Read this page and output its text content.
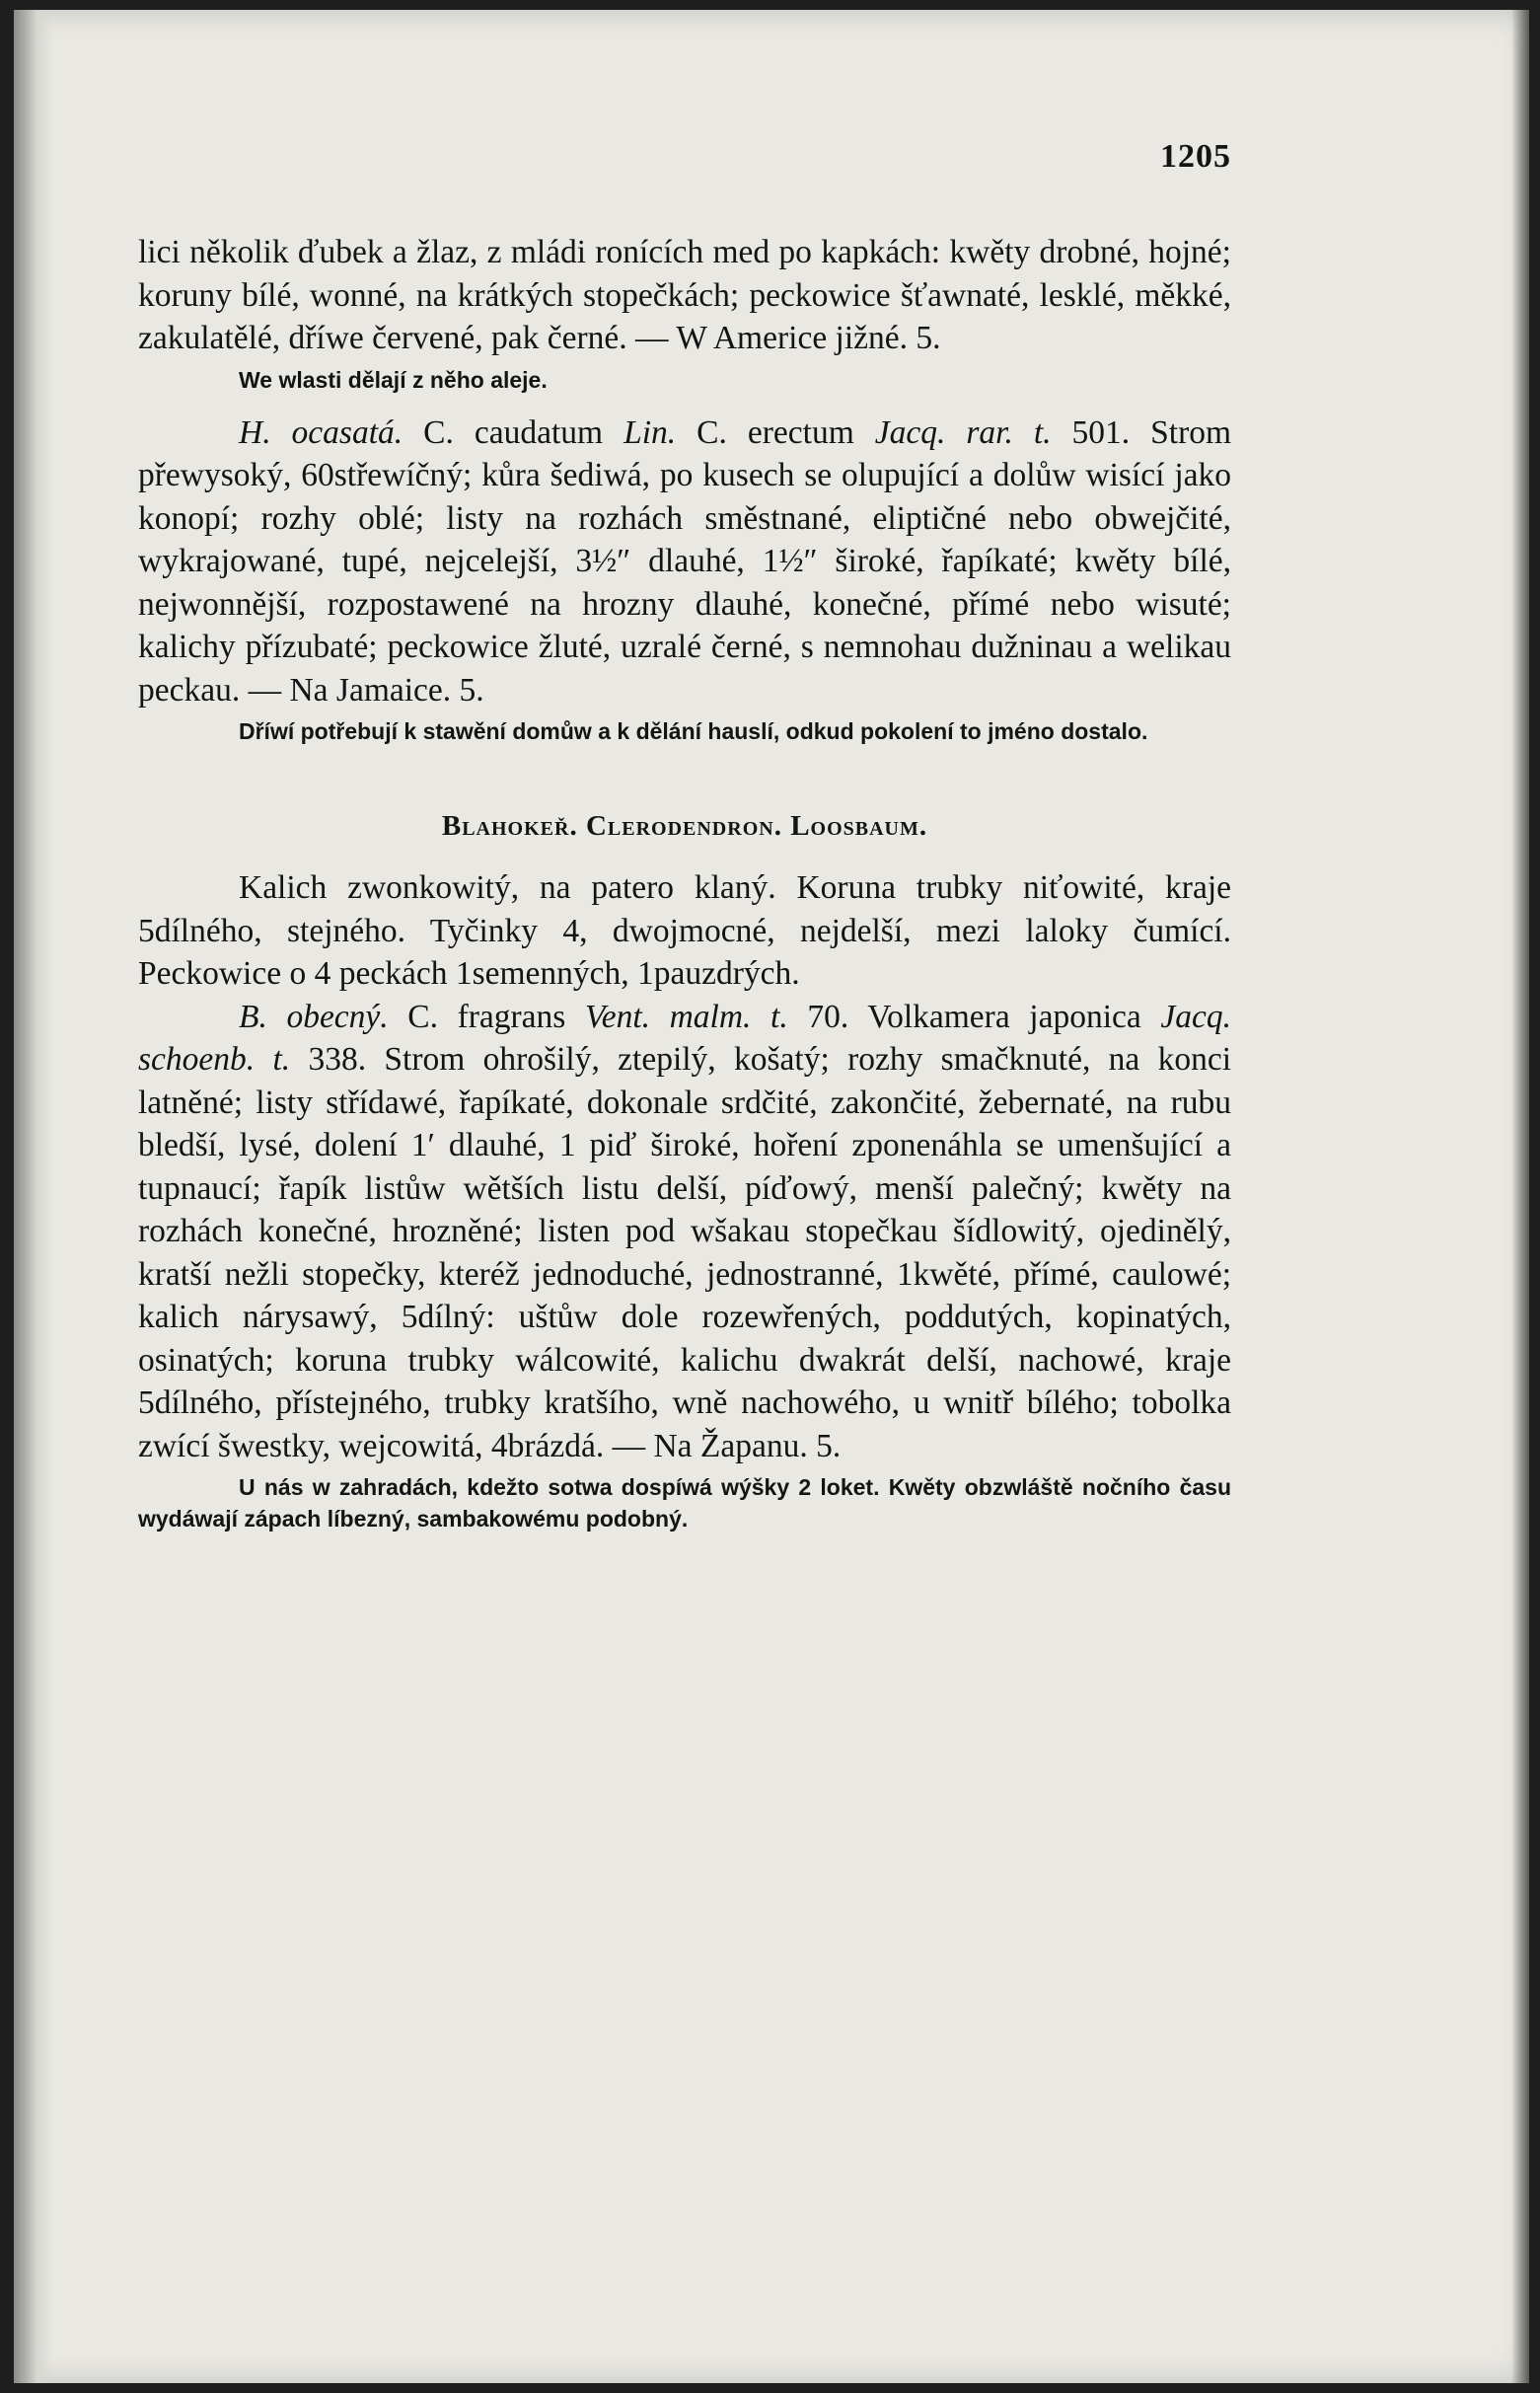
1205

lici několik ďubek a žlaz, z mládi ronících med po kapkách: kwěty drobné, hojné; koruny bílé, wonné, na krátkých stopečkách; peckowice šťawnaté, lesklé, měkké, zakulatělé, dříwe červené, pak černé. — W Americe jižné. 5.

We wlasti dělají z něho aleje.

H. ocasatá. C. caudatum Lin. C. erectum Jacq. rar. t. 501. Strom přewysoký, 60střewíčný; kůra šediwá, po kusech se olupující a dolůw wisící jako konopí; rozhy oblé; listy na rozhách směstnané, eliptičné nebo obwejčité, wykrajowané, tupé, nejcelejší, 3½″ dlauhé, 1½″ široké, řapíkaté; kwěty bílé, nejwonnější, rozpostawené na hrozny dlauhé, konečné, přímé nebo wisuté; kalichy přízubaté; peckowice žluté, uzralé černé, s nemnohau dužninau a welikau peckau. — Na Jamaice. 5.

Dříwí potřebují k stawění domůw a k dělání hauslí, odkud pokolení to jméno dostalo.

Blahokeř. Clerodendron. Loosbaum.

Kalich zwonkowitý, na patero klaný. Koruna trubky niťowité, kraje 5dílného, stejného. Tyčinky 4, dwojmocné, nejdelší, mezi laloky čumící. Peckowice o 4 peckách 1semenných, 1pauzdrých.

B. obecný. C. fragrans Vent. malm. t. 70. Volkamera japonica Jacq. schoenb. t. 338. Strom ohrošilý, ztepilý, košatý; rozhy smačknuté, na konci latněné; listy střídawé, řapíkaté, dokonale srdčité, zakončité, žebernaté, na rubu bledší, lysé, dolení 1′ dlauhé, 1 piď široké, hoření zponenáhla se umenšující a tupnaucí; řapík listůw wětších listu delší, píďowý, menší palečný; kwěty na rozhách konečné, hrozněné; listen pod wšakau stopečkau šídlowitý, ojedinělý, kratší nežli stopečky, kteréž jednoduché, jednostranné, 1kwěté, přímé, caulowé; kalich nárysawý, 5dílný: uštůw dole rozewřených, poddutých, kopinatých, osinatých; koruna trubky wálcowité, kalichu dwakrát delší, nachowé, kraje 5dílného, přístejného, trubky kratšího, wně nachowého, u wnitř bílého; tobolka zwící šwestky, wejcowitá, 4brázdá. — Na Žapanu. 5.

U nás w zahradách, kdežto sotwa dospíwá wýšky 2 loket. Kwěty obzwláště nočního času wydáwají zápach líbezný, sambakowému podobný.
